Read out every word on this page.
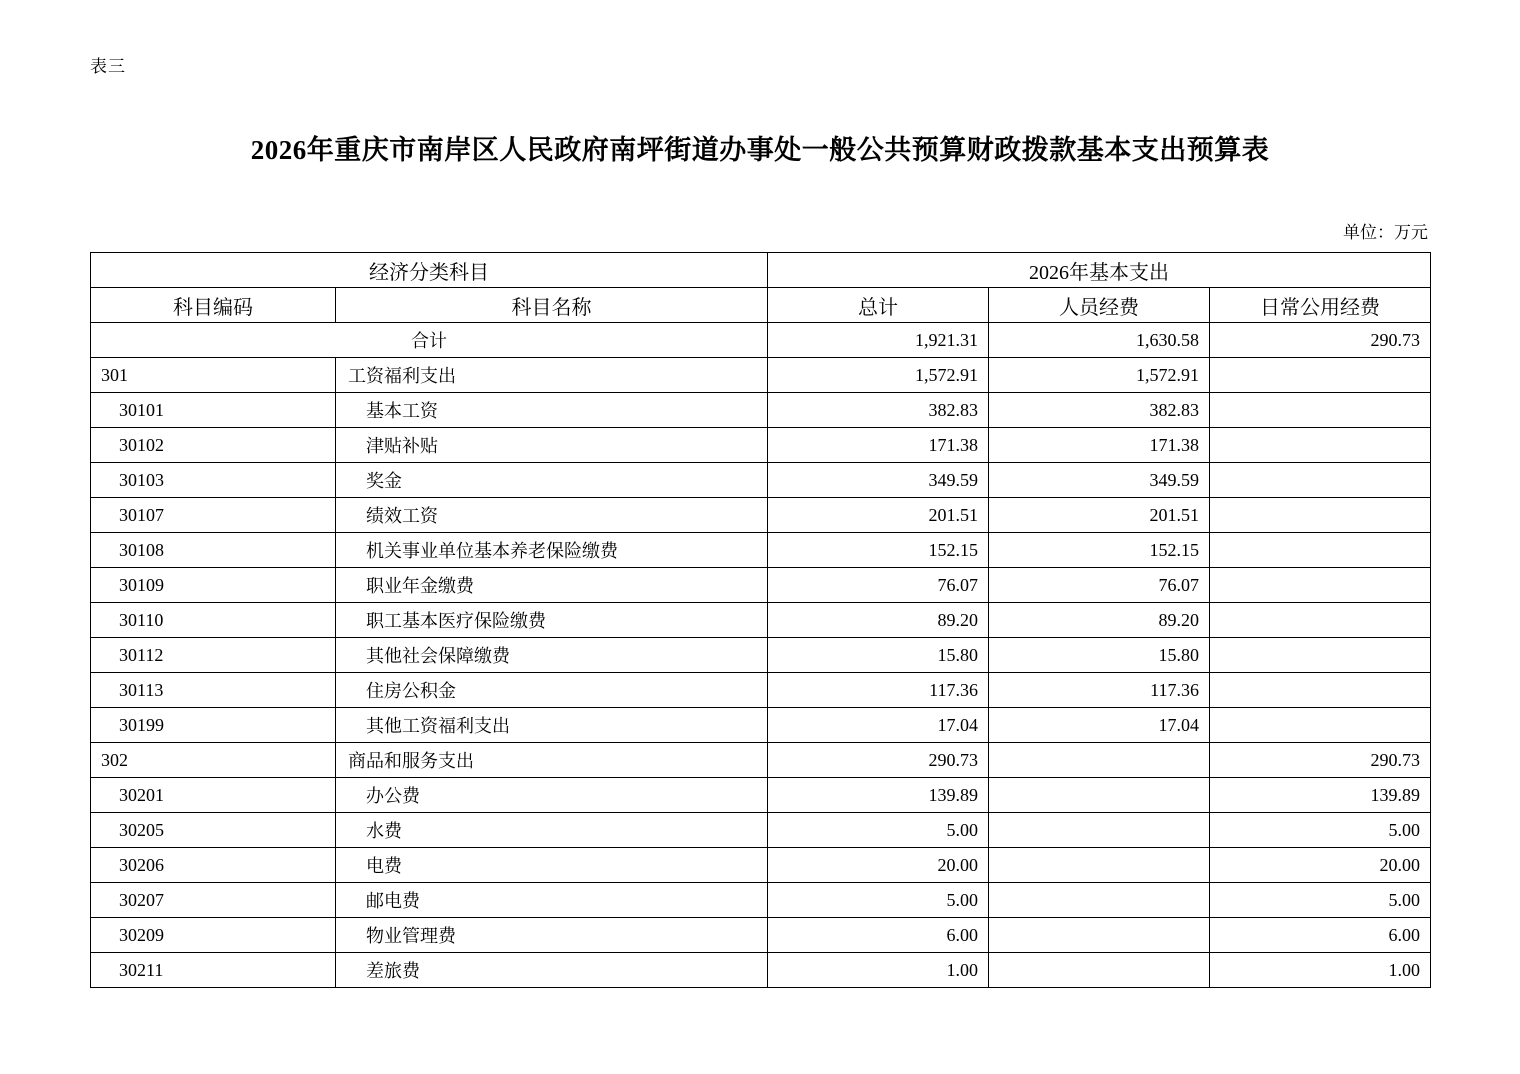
表三
2026年重庆市南岸区人民政府南坪街道办事处一般公共预算财政拨款基本支出预算表
单位：万元
经济分类科目		2026年基本支出		
科目编码	科目名称	总计	人员经费	日常公用经费
合计		1,921.31	1,630.58	290.73
301	工资福利支出	1,572.91	1,572.91	
30101	基本工资	382.83	382.83	
30102	津贴补贴	171.38	171.38	
30103	奖金	349.59	349.59	
30107	绩效工资	201.51	201.51	
30108	机关事业单位基本养老保险缴费	152.15	152.15	
30109	职业年金缴费	76.07	76.07	
30110	职工基本医疗保险缴费	89.20	89.20	
30112	其他社会保障缴费	15.80	15.80	
30113	住房公积金	117.36	117.36	
30199	其他工资福利支出	17.04	17.04	
302	商品和服务支出	290.73		290.73
30201	办公费	139.89		139.89
30205	水费	5.00		5.00
30206	电费	20.00		20.00
30207	邮电费	5.00		5.00
30209	物业管理费	6.00		6.00
30211	差旅费	1.00		1.00
